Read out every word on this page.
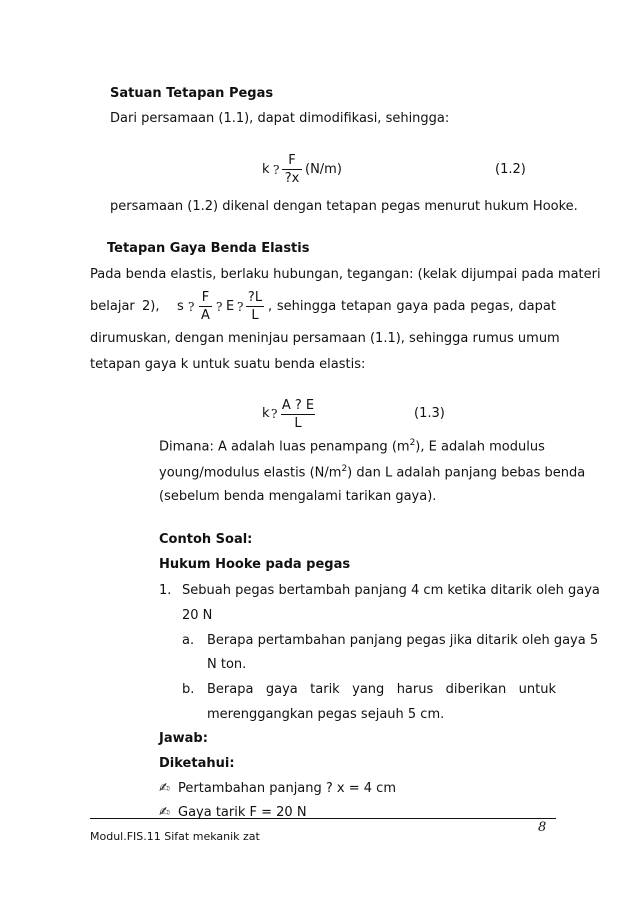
Satuan Tetapan Pegas
Dari persamaan (1.1), dapat dimodifikasi, sehingga:
k ?
F
?x
(N/m)	(1.2)
persamaan (1.2) dikenal dengan tetapan pegas menurut hukum Hooke.
Tetapan Gaya Benda Elastis
Pada benda elastis, berlaku hubungan, tegangan: (kelak dijumpai pada materi
belajar 2), s ?
F
A
? E ?
?L
L
, sehingga tetapan gaya pada pegas, dapat
dirumuskan, dengan meninjau persamaan (1.1), sehingga rumus umum
tetapan gaya k untuk suatu benda elastis:
k ?
A ? E
L
(1.3)
Dimana: A adalah luas penampang $(m^2)$, E adalah modulus
young/modulus elastis $(N/m^2)$ dan L adalah panjang bebas benda
(sebelum benda mengalami tarikan gaya).
Contoh Soal:
Hukum Hooke pada pegas
1. Sebuah pegas bertambah panjang 4 cm ketika ditarik oleh gaya
20 N
a. Berapa pertambahan panjang pegas jika ditarik oleh gaya 5
N ton.
b. Berapa gaya tarik yang harus diberikan untuk
merenggangkan pegas sejauh 5 cm.
Jawab:
Diketahui:
✍ Pertambahan panjang ? x = 4 cm
✍ Gaya tarik F = 20 N
Modul.FIS.11 Sifat mekanik zat
8
